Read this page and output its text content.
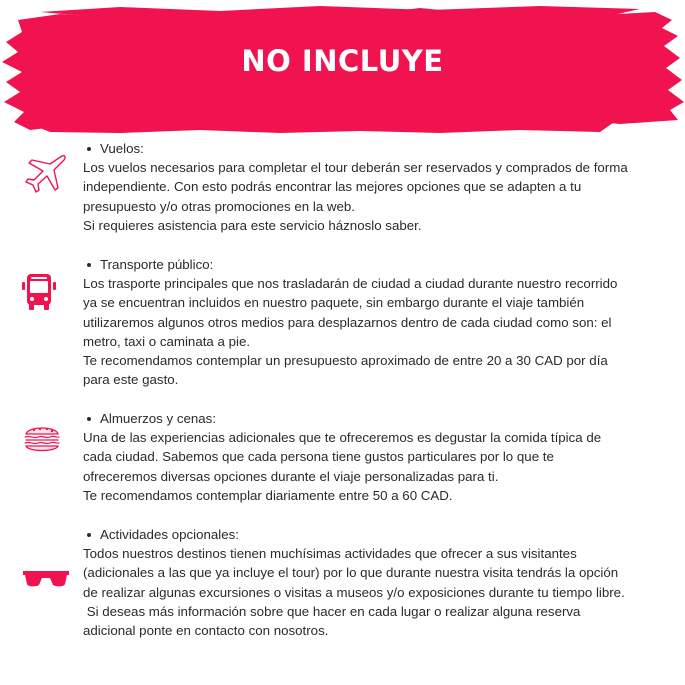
NO INCLUYE
Vuelos:

Los vuelos necesarios para completar el tour deberán ser reservados y comprados de forma

independiente. Con esto podrás encontrar las mejores opciones que se adapten a tu

presupuesto y/o otras promociones en la web.

Si requieres asistencia para este servicio háznoslo saber.

Transporte público:

Los trasporte principales que nos trasladarán de ciudad a ciudad durante nuestro recorrido

ya se encuentran incluidos en nuestro paquete, sin embargo durante el viaje también

utilizaremos algunos otros medios para desplazarnos dentro de cada ciudad como son: el

metro, taxi o caminata a pie.

Te recomendamos contemplar un presupuesto aproximado de entre 20 a 30 CAD por día

para este gasto.

Almuerzos y cenas:

Una de las experiencias adicionales que te ofreceremos es degustar la comida típica de

cada ciudad. Sabemos que cada persona tiene gustos particulares por lo que te

ofreceremos diversas opciones durante el viaje personalizadas para ti.

Te recomendamos contemplar diariamente entre 50 a 60 CAD.

Actividades opcionales:

Todos nuestros destinos tienen muchísimas actividades que ofrecer a sus visitantes

(adicionales a las que ya incluye el tour) por lo que durante nuestra visita tendrás la opción

de realizar algunas excursiones o visitas a museos y/o exposiciones durante tu tiempo libre.

Si deseas más información sobre que hacer en cada lugar o realizar alguna reserva

adicional ponte en contacto con nosotros.
